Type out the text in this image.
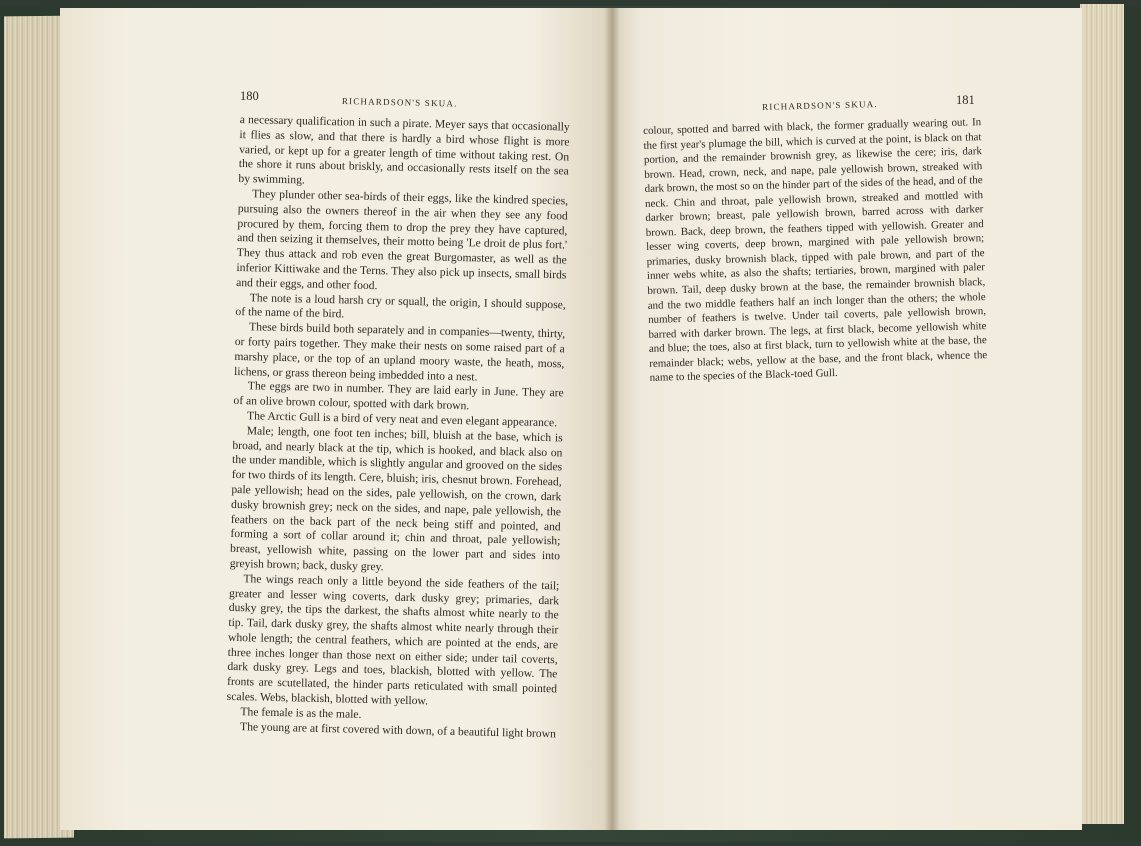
180	RICHARDSON'S SKUA.

a necessary qualification in such a pirate. Meyer says that occasionally it flies as slow, and that there is hardly a bird whose flight is more varied, or kept up for a greater length of time without taking rest. On the shore it runs about briskly, and occasionally rests itself on the sea by swimming.

They plunder other sea-birds of their eggs, like the kindred species, pursuing also the owners thereof in the air when they see any food procured by them, forcing them to drop the prey they have captured, and then seizing it themselves, their motto being 'Le droit de plus fort.' They thus attack and rob even the great Burgomaster, as well as the inferior Kittiwake and the Terns. They also pick up insects, small birds and their eggs, and other food.

The note is a loud harsh cry or squall, the origin, I should suppose, of the name of the bird.

These birds build both separately and in companies—twenty, thirty, or forty pairs together. They make their nests on some raised part of a marshy place, or the top of an upland moory waste, the heath, moss, lichens, or grass thereon being imbedded into a nest.

The eggs are two in number. They are laid early in June. They are of an olive brown colour, spotted with dark brown.

The Arctic Gull is a bird of very neat and even elegant appearance.

Male; length, one foot ten inches; bill, bluish at the base, which is broad, and nearly black at the tip, which is hooked, and black also on the under mandible, which is slightly angular and grooved on the sides for two thirds of its length. Cere, bluish; iris, chesnut brown. Forehead, pale yellowish; head on the sides, pale yellowish, on the crown, dark dusky brownish grey; neck on the sides, and nape, pale yellowish, the feathers on the back part of the neck being stiff and pointed, and forming a sort of collar around it; chin and throat, pale yellowish; breast, yellowish white, passing on the lower part and sides into greyish brown; back, dusky grey.

The wings reach only a little beyond the side feathers of the tail; greater and lesser wing coverts, dark dusky grey; primaries, dark dusky grey, the tips the darkest, the shafts almost white nearly to the tip. Tail, dark dusky grey, the shafts almost white nearly through their whole length; the central feathers, which are pointed at the ends, are three inches longer than those next on either side; under tail coverts, dark dusky grey. Legs and toes, blackish, blotted with yellow. The fronts are scutellated, the hinder parts reticulated with small pointed scales. Webs, blackish, blotted with yellow.

The female is as the male.

The young are at first covered with down, of a beautiful light brown

RICHARDSON'S SKUA.	181

colour, spotted and barred with black, the former gradually wearing out. In the first year's plumage the bill, which is curved at the point, is black on that portion, and the remainder brownish grey, as likewise the cere; iris, dark brown. Head, crown, neck, and nape, pale yellowish brown, streaked with dark brown, the most so on the hinder part of the sides of the head, and of the neck. Chin and throat, pale yellowish brown, streaked and mottled with darker brown; breast, pale yellowish brown, barred across with darker brown. Back, deep brown, the feathers tipped with yellowish. Greater and lesser wing coverts, deep brown, margined with pale yellowish brown; primaries, dusky brownish black, tipped with pale brown, and part of the inner webs white, as also the shafts; tertiaries, brown, margined with paler brown. Tail, deep dusky brown at the base, the remainder brownish black, and the two middle feathers half an inch longer than the others; the whole number of feathers is twelve. Under tail coverts, pale yellowish brown, barred with darker brown. The legs, at first black, become yellowish white and blue; the toes, also at first black, turn to yellowish white at the base, the remainder black; webs, yellow at the base, and the front black, whence the name to the species of the Black-toed Gull.
